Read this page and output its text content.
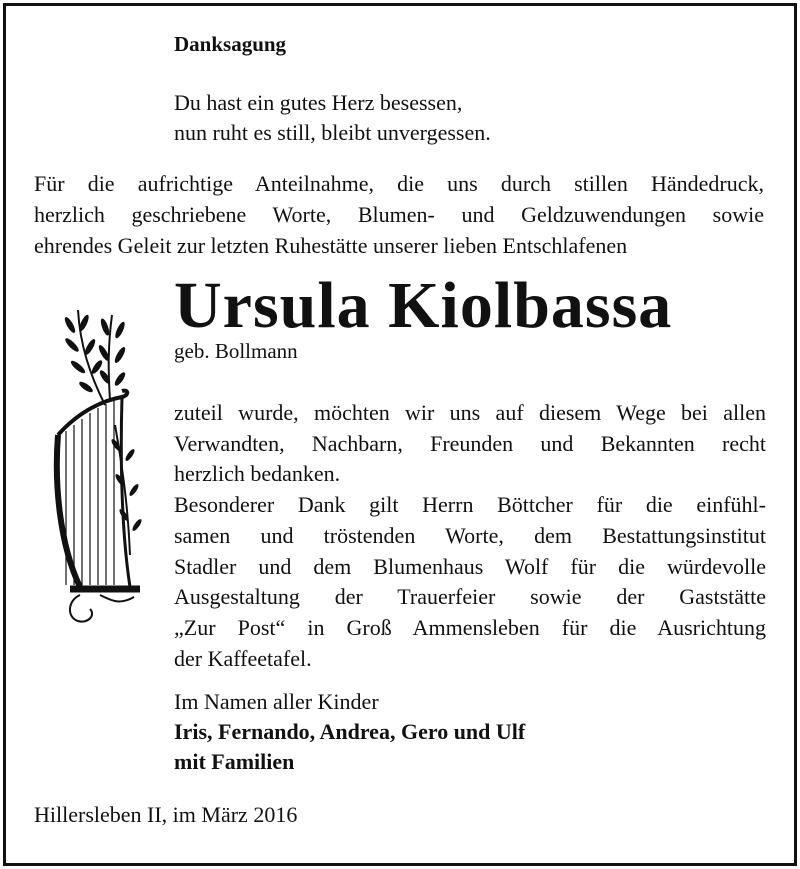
Danksagung
Du hast ein gutes Herz besessen,
nun ruht es still, bleibt unvergessen.
Für die aufrichtige Anteilnahme, die uns durch stillen Händedruck,
herzlich geschriebene Worte, Blumen- und Geldzuwendungen sowie
ehrendes Geleit zur letzten Ruhestätte unserer lieben Entschlafenen
Ursula Kiolbassa
geb. Bollmann
zuteil wurde, möchten wir uns auf diesem Wege bei allen
Verwandten, Nachbarn, Freunden und Bekannten recht
herzlich bedanken.
Besonderer Dank gilt Herrn Böttcher für die einfühl-
samen und tröstenden Worte, dem Bestattungsinstitut
Stadler und dem Blumenhaus Wolf für die würdevolle
Ausgestaltung der Trauerfeier sowie der Gaststätte
„Zur Post“ in Groß Ammensleben für die Ausrichtung
der Kaffeetafel.
Im Namen aller Kinder
Iris, Fernando, Andrea, Gero und Ulf
mit Familien
Hillersleben II, im März 2016
